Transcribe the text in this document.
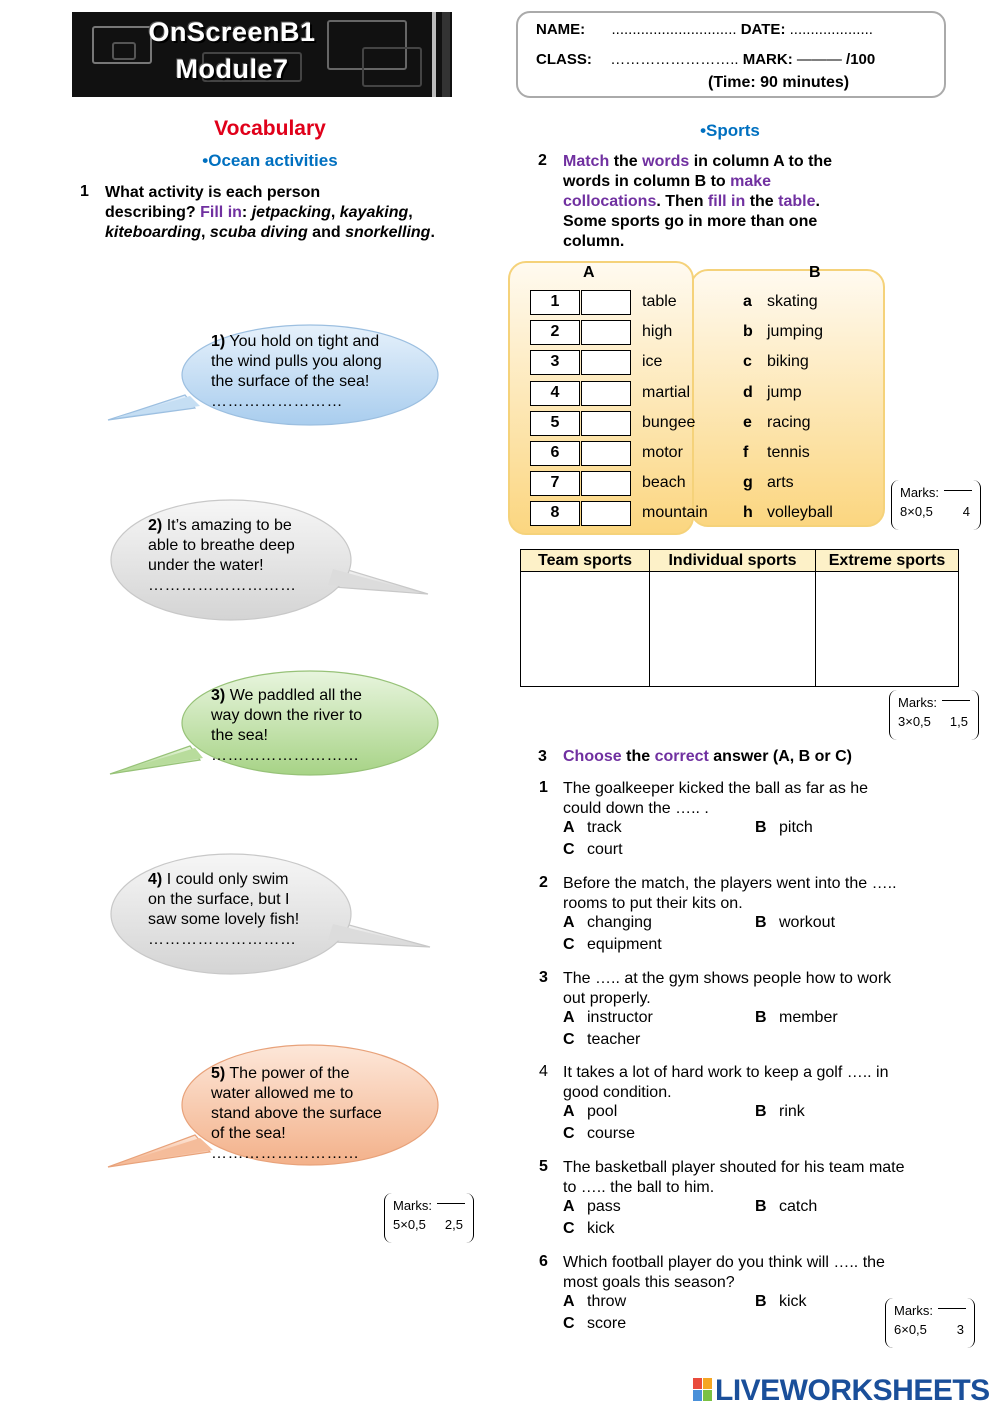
OnScreenB1
Module7
NAME: .............................. DATE: ....................
CLASS: …………………….. MARK: ——— /100
(Time: 90 minutes)
Vocabulary
•Ocean activities
1 What activity is each person
describing? Fill in: jetpacking, kayaking,
kiteboarding, scuba diving and snorkelling.
1) You hold on tight and
the wind pulls you along
the surface of the sea!
……………………
2) It’s amazing to be
able to breathe deep
under the water!
………………………
3) We paddled all the
way down the river to
the sea!
………………………
4) I could only swim
on the surface, but I
saw some lovely fish!
………………………
5) The power of the
water allowed me to
stand above the surface
of the sea!
………………………
Marks:
5×0,5 2,5
•Sports
2 Match the words in column A to the
words in column B to make
collocations. Then fill in the table.
Some sports go in more than one
column.
A	B
1	table	a skating
2	high	b jumping
3	ice	c biking
4	martial	d jump
5	bungee	e racing
6	motor	f tennis
7	beach	g arts
8	mountain h volleyball
Marks:
8×0,5 4
Team sports	Individual sports	Extreme sports

Marks:
3×0,5 1,5
3 Choose the correct answer (A, B or C)
1 The goalkeeper kicked the ball as far as he
could down the ….. .
A track	B pitch
C court
2 Before the match, the players went into the …..
rooms to put their kits on.
A changing	B workout
C equipment
3 The ….. at the gym shows people how to work
out properly.
A instructor	B member
C teacher
4 It takes a lot of hard work to keep a golf ….. in
good condition.
A pool	B rink
C course
5 The basketball player shouted for his team mate
to ….. the ball to him.
A pass	B catch
C kick
6 Which football player do you think will ….. the
most goals this season?
A throw	B kick
C score
Marks:
6×0,5 3
LIVEWORKSHEETS
